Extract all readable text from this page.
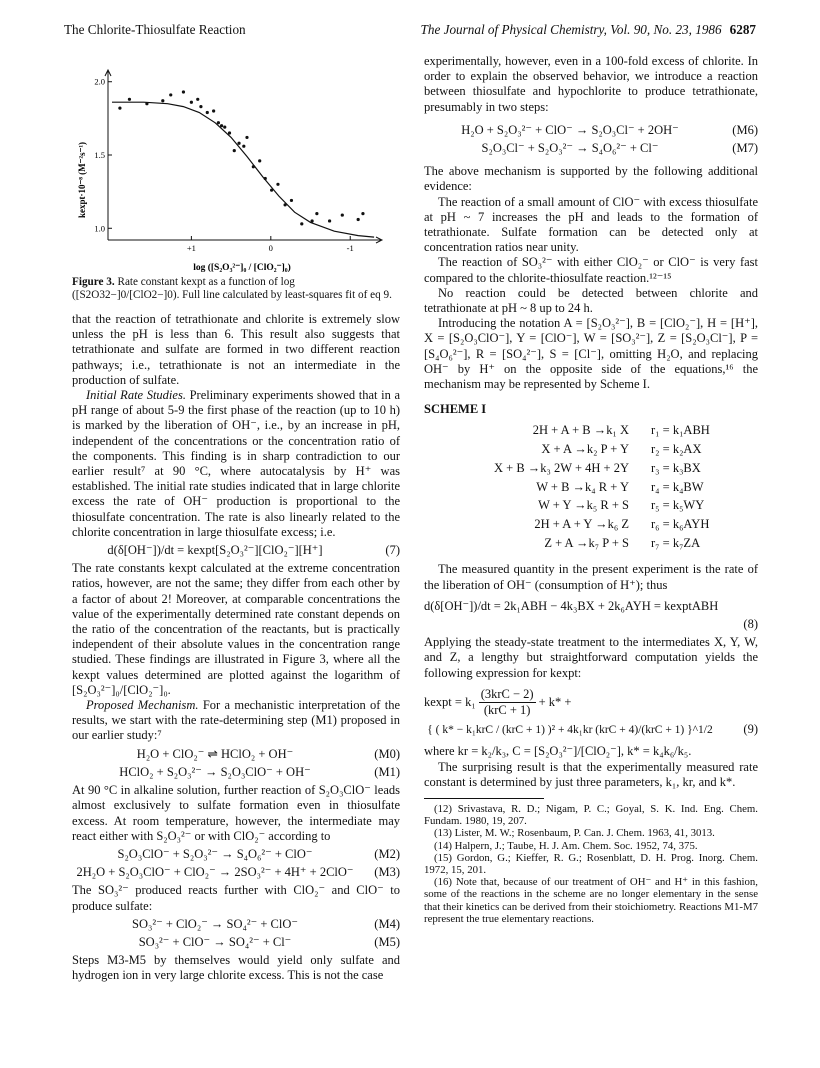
The Chlorite-Thiosulfate Reaction	The Journal of Physical Chemistry, Vol. 90, No. 23, 1986 6287
2.0
1.5
1.0
+1	0	-1
kexpt·10⁻⁸ (M⁻²s⁻¹)
log ([S₂O₃²⁻]₀ / [ClO₂⁻]₀)
Figure 3. Rate constant kexpt as a function of log ([S2O32−]0/[ClO2−]0). Full line calculated by least-squares fit of eq 9.

that the reaction of tetrathionate and chlorite is extremely slow unless the pH is less than 6. This result also suggests that tetrathionate and sulfate are formed in two different reaction pathways; i.e., tetrathionate is not an intermediate in the production of sulfate.

Initial Rate Studies. Preliminary experiments showed that in a pH range of about 5-9 the first phase of the reaction (up to 10 h) is marked by the liberation of OH⁻, i.e., by an increase in pH, independent of the concentrations or the concentration ratio of the components. This finding is in sharp contradiction to our earlier result⁷ at 90 °C, where autocatalysis by H⁺ was established. The initial rate studies indicated that in large chlorite excess the rate of OH⁻ production is proportional to the thiosulfate concentration. The rate is also linearly related to the chlorite concentration in large thiosulfate excess; i.e.

d(δ[OH⁻])/dt = kexpt[S₂O₃²⁻][ClO₂⁻][H⁺]	(7)

The rate constants kexpt calculated at the extreme concentration ratios, however, are not the same; they differ from each other by a factor of about 2! Moreover, at comparable concentrations the value of the experimentally determined rate constant depends on the ratio of the concentration of the reactants, but is practically independent of their absolute values in the concentration range studied. These findings are illustrated in Figure 3, where all the kexpt values determined are plotted against the logarithm of [S₂O₃²⁻]₀/[ClO₂⁻]₀.

Proposed Mechanism. For a mechanistic interpretation of the results, we start with the rate-determining step (M1) proposed in our earlier study:⁷

H₂O + ClO₂⁻ ⇌ HClO₂ + OH⁻	(M0)
HClO₂ + S₂O₃²⁻ → S₂O₃ClO⁻ + OH⁻	(M1)

At 90 °C in alkaline solution, further reaction of S₂O₃ClO⁻ leads almost exclusively to sulfate formation even in thiosulfate excess. At room temperature, however, the intermediate may react either with S₂O₃²⁻ or with ClO₂⁻ according to

S₂O₃ClO⁻ + S₂O₃²⁻ → S₄O₆²⁻ + ClO⁻	(M2)
2H₂O + S₂O₃ClO⁻ + ClO₂⁻ → 2SO₃²⁻ + 4H⁺ + 2ClO⁻	(M3)

The SO₃²⁻ produced reacts further with ClO₂⁻ and ClO⁻ to produce sulfate:

SO₃²⁻ + ClO₂⁻ → SO₄²⁻ + ClO⁻	(M4)
SO₃²⁻ + ClO⁻ → SO₄²⁻ + Cl⁻	(M5)

Steps M3-M5 by themselves would yield only sulfate and hydrogen ion in very large chlorite excess. This is not the case

experimentally, however, even in a 100-fold excess of chlorite. In order to explain the observed behavior, we introduce a reaction between thiosulfate and hypochlorite to produce tetrathionate, presumably in two steps:

H₂O + S₂O₃²⁻ + ClO⁻ → S₂O₃Cl⁻ + 2OH⁻	(M6)
S₂O₃Cl⁻ + S₂O₃²⁻ → S₄O₆²⁻ + Cl⁻	(M7)

The above mechanism is supported by the following additional evidence:

The reaction of a small amount of ClO⁻ with excess thiosulfate at pH ~ 7 increases the pH and leads to the formation of tetrathionate. Sulfate formation can be detected only at concentration ratios near unity.

The reaction of SO₃²⁻ with either ClO₂⁻ or ClO⁻ is very fast compared to the chlorite-thiosulfate reaction.¹²⁻¹⁵

No reaction could be detected between chlorite and tetrathionate at pH ~ 8 up to 24 h.

Introducing the notation A = [S₂O₃²⁻], B = [ClO₂⁻], H = [H⁺], X = [S₂O₃ClO⁻], Y = [ClO⁻], W = [SO₃²⁻], Z = [S₂O₃Cl⁻], P = [S₄O₆²⁻], R = [SO₄²⁻], S = [Cl⁻], omitting H₂O, and replacing OH⁻ by H⁺ on the opposite side of the equations,¹⁶ the mechanism may be represented by Scheme I.

SCHEME I
2H + A + B →k₁ X	r₁ = k₁ABH
X + A →k₂ P + Y	r₂ = k₂AX
X + B →k₃ 2W + 4H + 2Y	r₃ = k₃BX
W + B →k₄ R + Y	r₄ = k₄BW
W + Y →k₅ R + S	r₅ = k₅WY
2H + A + Y →k₆ Z	r₆ = k₆AYH
Z + A →k₇ P + S	r₇ = k₇ZA

The measured quantity in the present experiment is the rate of the liberation of OH⁻ (consumption of H⁺); thus

d(δ[OH⁻])/dt = 2k₁ABH − 4k₃BX + 2k₆AYH = kexptABH
(8)

Applying the steady-state treatment to the intermediates X, Y, W, and Z, a lengthy but straightforward computation yields the following expression for kexpt:

$kexpt = k_1 \frac{\text{(3krC − 2)}}{\text{(krC + 1)}} + k*$ +
{ ( k* − k₁krC / (krC + 1) )² + 4k₁kr (krC + 4)/(krC + 1) }^1/2	(9)

where kr = k₂/k₃, C = [S₂O₃²⁻]/[ClO₂⁻], k* = k₄k₆/k₅.

The surprising result is that the experimentally measured rate constant is determined by just three parameters, k₁, kr, and k*.

(12) Srivastava, R. D.; Nigam, P. C.; Goyal, S. K. Ind. Eng. Chem. Fundam. 1980, 19, 207.

(13) Lister, M. W.; Rosenbaum, P. Can. J. Chem. 1963, 41, 3013.

(14) Halpern, J.; Taube, H. J. Am. Chem. Soc. 1952, 74, 375.

(15) Gordon, G.; Kieffer, R. G.; Rosenblatt, D. H. Prog. Inorg. Chem. 1972, 15, 201.

(16) Note that, because of our treatment of OH⁻ and H⁺ in this fashion, some of the reactions in the scheme are no longer elementary in the sense that their kinetics can be derived from their stoichiometry. Reactions M1-M7 represent the true elementary reactions.
